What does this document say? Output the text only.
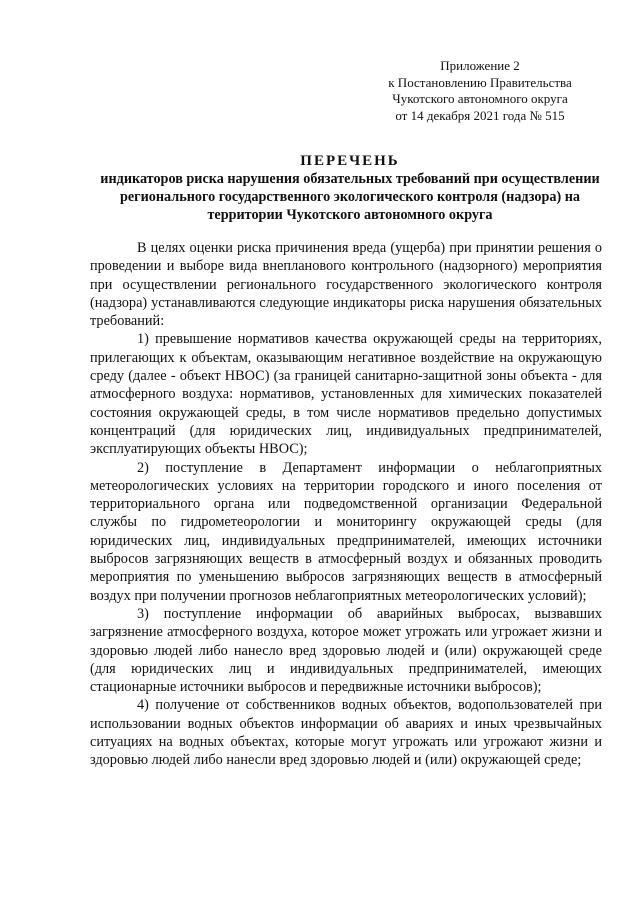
Приложение 2
к Постановлению Правительства
Чукотского автономного округа
от 14 декабря 2021 года № 515
ПЕРЕЧЕНЬ
индикаторов риска нарушения обязательных требований при осуществлении регионального государственного экологического контроля (надзора) на территории Чукотского автономного округа

В целях оценки риска причинения вреда (ущерба) при принятии решения о проведении и выборе вида внепланового контрольного (надзорного) мероприятия при осуществлении регионального государственного экологического контроля (надзора) устанавливаются следующие индикаторы риска нарушения обязательных требований:

1) превышение нормативов качества окружающей среды на территориях, прилегающих к объектам, оказывающим негативное воздействие на окружающую среду (далее - объект НВОС) (за границей санитарно-защитной зоны объекта - для атмосферного воздуха: нормативов, установленных для химических показателей состояния окружающей среды, в том числе нормативов предельно допустимых концентраций (для юридических лиц, индивидуальных предпринимателей, эксплуатирующих объекты НВОС);

2) поступление в Департамент информации о неблагоприятных метеорологических условиях на территории городского и иного поселения от территориального органа или подведомственной организации Федеральной службы по гидрометеорологии и мониторингу окружающей среды (для юридических лиц, индивидуальных предпринимателей, имеющих источники выбросов загрязняющих веществ в атмосферный воздух и обязанных проводить мероприятия по уменьшению выбросов загрязняющих веществ в атмосферный воздух при получении прогнозов неблагоприятных метеорологических условий);

3) поступление информации об аварийных выбросах, вызвавших загрязнение атмосферного воздуха, которое может угрожать или угрожает жизни и здоровью людей либо нанесло вред здоровью людей и (или) окружающей среде (для юридических лиц и индивидуальных предпринимателей, имеющих стационарные источники выбросов и передвижные источники выбросов);

4) получение от собственников водных объектов, водопользователей при использовании водных объектов информации об авариях и иных чрезвычайных ситуациях на водных объектах, которые могут угрожать или угрожают жизни и здоровью людей либо нанесли вред здоровью людей и (или) окружающей среде;
